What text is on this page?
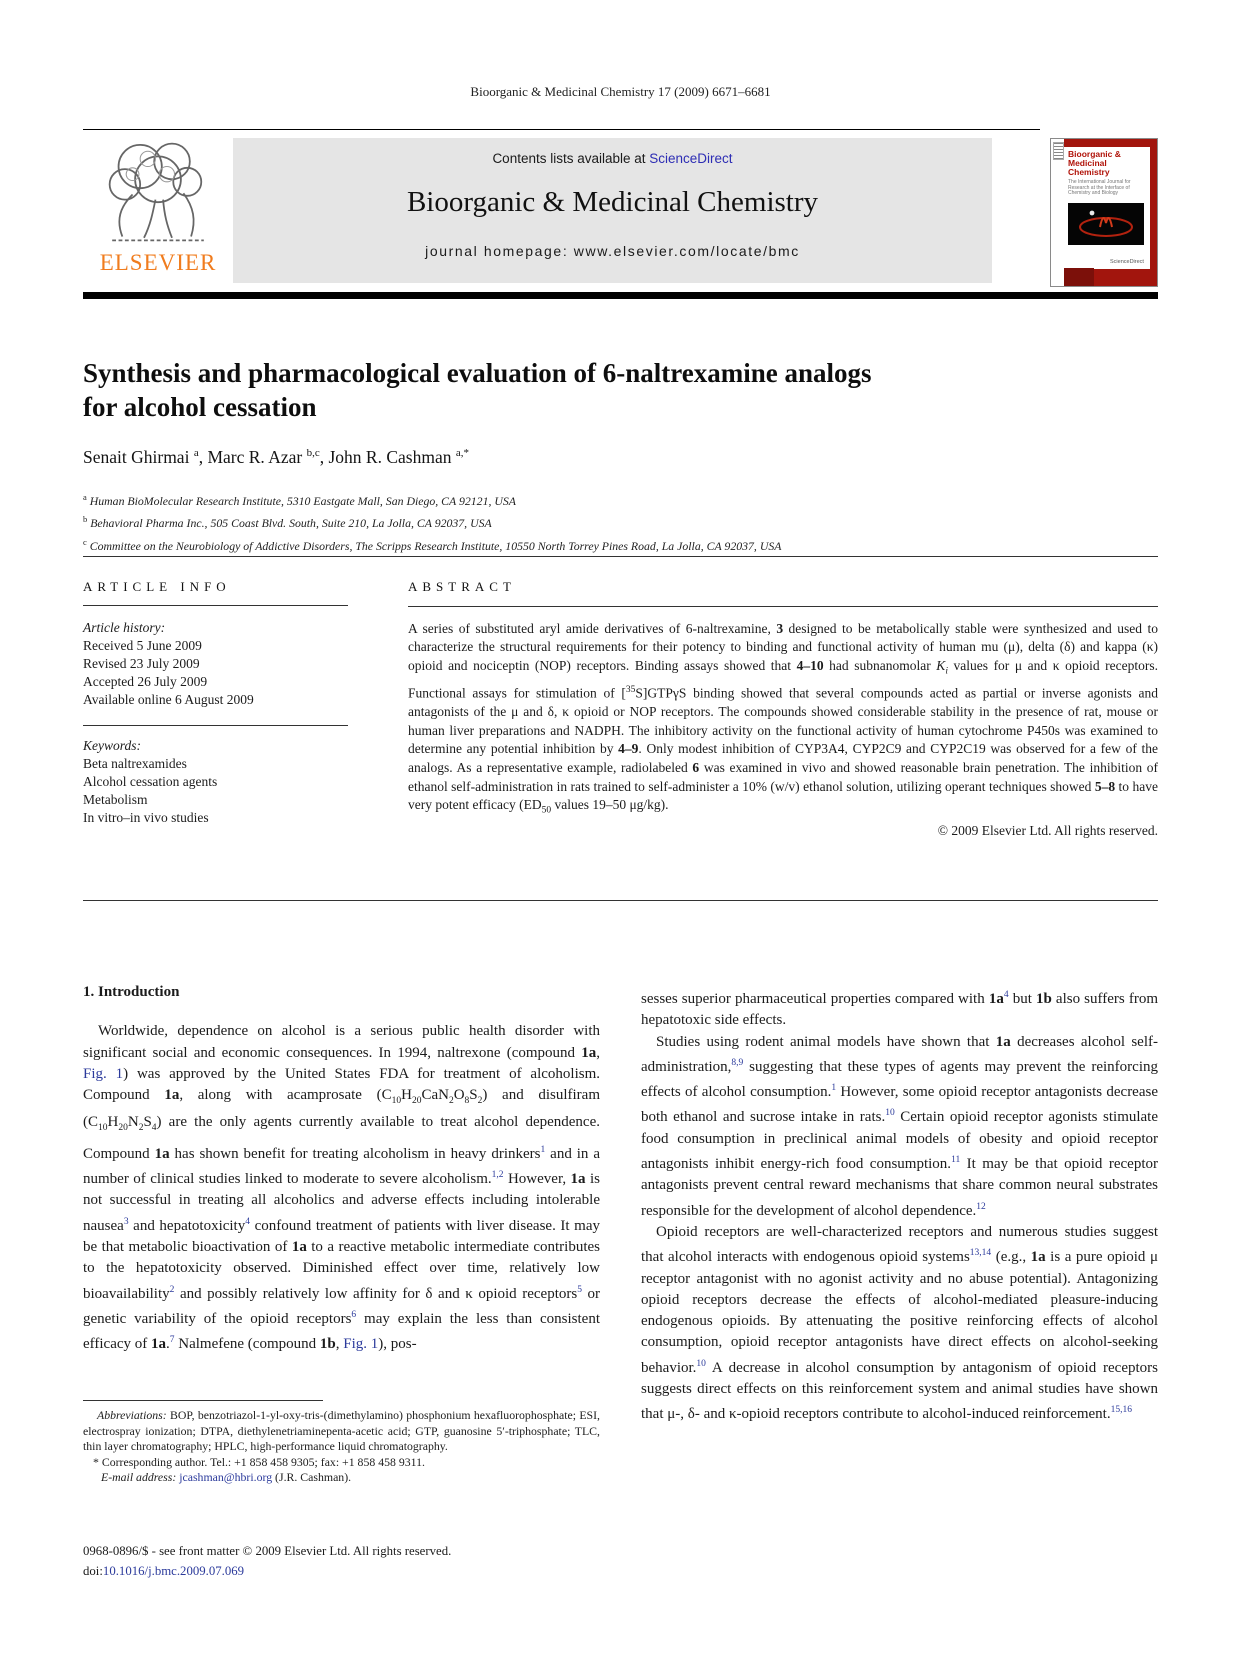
Bioorganic & Medicinal Chemistry 17 (2009) 6671–6681
ELSEVIER
Contents lists available at ScienceDirect
Bioorganic & Medicinal Chemistry
journal homepage: www.elsevier.com/locate/bmc
Bioorganic & Medicinal
Chemistry
The International Journal for Research at the Interface of Chemistry and Biology
ScienceDirect
Synthesis and pharmacological evaluation of 6-naltrexamine analogs
for alcohol cessation
Senait Ghirmai $^a$, Marc R. Azar $^{b,c}$, John R. Cashman $^{a,*}$
$^a$ Human BioMolecular Research Institute, 5310 Eastgate Mall, San Diego, CA 92121, USA
$^b$ Behavioral Pharma Inc., 505 Coast Blvd. South, Suite 210, La Jolla, CA 92037, USA
$^c$ Committee on the Neurobiology of Addictive Disorders, The Scripps Research Institute, 10550 North Torrey Pines Road, La Jolla, CA 92037, USA
ARTICLE INFO
Article history:
Received 5 June 2009
Revised 23 July 2009
Accepted 26 July 2009
Available online 6 August 2009
Keywords:
Beta naltrexamides
Alcohol cessation agents
Metabolism
In vitro–in vivo studies
ABSTRACT
A series of substituted aryl amide derivatives of 6-naltrexamine, 3 designed to be metabolically stable were synthesized and used to characterize the structural requirements for their potency to binding and functional activity of human mu (μ), delta (δ) and kappa (κ) opioid and nociceptin (NOP) receptors. Binding assays showed that 4–10 had subnanomolar $K_i$ values for μ and κ opioid receptors. Functional assays for stimulation of [$^{35}$S]GTPγS binding showed that several compounds acted as partial or inverse agonists and antagonists of the μ and δ, κ opioid or NOP receptors. The compounds showed considerable stability in the presence of rat, mouse or human liver preparations and NADPH. The inhibitory activity on the functional activity of human cytochrome P450s was examined to determine any potential inhibition by 4–9. Only modest inhibition of CYP3A4, CYP2C9 and CYP2C19 was observed for a few of the analogs. As a representative example, radiolabeled 6 was examined in vivo and showed reasonable brain penetration. The inhibition of ethanol self-administration in rats trained to self-administer a 10% (w/v) ethanol solution, utilizing operant techniques showed 5–8 to have very potent efficacy ($ED_{50}$ values 19–50 μg/kg).
© 2009 Elsevier Ltd. All rights reserved.
1. Introduction

Worldwide, dependence on alcohol is a serious public health disorder with significant social and economic consequences. In 1994, naltrexone (compound 1a, Fig. 1) was approved by the United States FDA for treatment of alcoholism. Compound 1a, along with acamprosate $(C_{10}H_{20}CaN_2O_8S_2)$ and disulfiram $(C_{10}H_{20}N_2S_4)$ are the only agents currently available to treat alcohol dependence. Compound 1a has shown benefit for treating alcoholism in heavy drinkers$^1$ and in a number of clinical studies linked to moderate to severe alcoholism.$^{1,2}$ However, 1a is not successful in treating all alcoholics and adverse effects including intolerable nausea$^3$ and hepatotoxicity$^4$ confound treatment of patients with liver disease. It may be that metabolic bioactivation of 1a to a reactive metabolic intermediate contributes to the hepatotoxicity observed. Diminished effect over time, relatively low bioavailability$^2$ and possibly relatively low affinity for δ and κ opioid receptors$^5$ or genetic variability of the opioid receptors$^6$ may explain the less than consistent efficacy of 1a.$^7$ Nalmefene (compound 1b, Fig. 1), pos-

sesses superior pharmaceutical properties compared with 1a$^4$ but 1b also suffers from hepatotoxic side effects.

Studies using rodent animal models have shown that 1a decreases alcohol self-administration,$^{8,9}$ suggesting that these types of agents may prevent the reinforcing effects of alcohol consumption.$^1$ However, some opioid receptor antagonists decrease both ethanol and sucrose intake in rats.$^{10}$ Certain opioid receptor agonists stimulate food consumption in preclinical animal models of obesity and opioid receptor antagonists inhibit energy-rich food consumption.$^{11}$ It may be that opioid receptor antagonists prevent central reward mechanisms that share common neural substrates responsible for the development of alcohol dependence.$^{12}$

Opioid receptors are well-characterized receptors and numerous studies suggest that alcohol interacts with endogenous opioid systems$^{13,14}$ (e.g., 1a is a pure opioid μ receptor antagonist with no agonist activity and no abuse potential). Antagonizing opioid receptors decrease the effects of alcohol-mediated pleasure-inducing endogenous opioids. By attenuating the positive reinforcing effects of alcohol consumption, opioid receptor antagonists have direct effects on alcohol-seeking behavior.$^{10}$ A decrease in alcohol consumption by antagonism of opioid receptors suggests direct effects on this reinforcement system and animal studies have shown that μ-, δ- and κ-opioid receptors contribute to alcohol-induced reinforcement.$^{15,16}$

Abbreviations: BOP, benzotriazol-1-yl-oxy-tris-(dimethylamino) phosphonium hexafluorophosphate; ESI, electrospray ionization; DTPA, diethylenetriaminepenta-acetic acid; GTP, guanosine 5′-triphosphate; TLC, thin layer chromatography; HPLC, high-performance liquid chromatography.
* Corresponding author. Tel.: +1 858 458 9305; fax: +1 858 458 9311.
E-mail address: jcashman@hbri.org (J.R. Cashman).
0968-0896/$ - see front matter © 2009 Elsevier Ltd. All rights reserved.
doi:10.1016/j.bmc.2009.07.069
